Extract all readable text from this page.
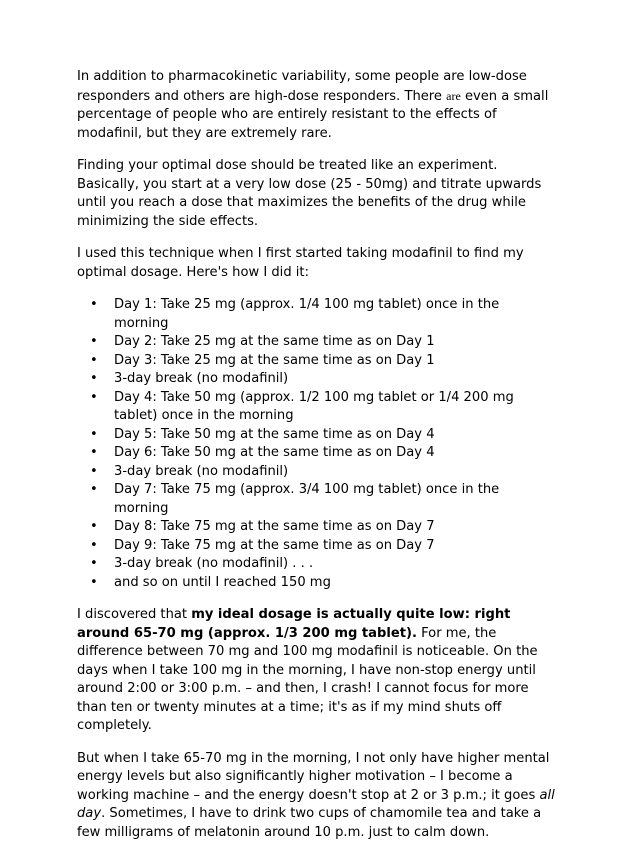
In addition to pharmacokinetic variability, some people are low-dose responders and others are high-dose responders. There are even a small percentage of people who are entirely resistant to the effects of modafinil, but they are extremely rare.

Finding your optimal dose should be treated like an experiment. Basically, you start at a very low dose (25 - 50mg) and titrate upwards until you reach a dose that maximizes the benefits of the drug while minimizing the side effects.

I used this technique when I first started taking modafinil to find my optimal dosage. Here's how I did it:

• Day 1: Take 25 mg (approx. 1/4 100 mg tablet) once in the morning
• Day 2: Take 25 mg at the same time as on Day 1
• Day 3: Take 25 mg at the same time as on Day 1
• 3-day break (no modafinil)
• Day 4: Take 50 mg (approx. 1/2 100 mg tablet or 1/4 200 mg tablet) once in the morning
• Day 5: Take 50 mg at the same time as on Day 4
• Day 6: Take 50 mg at the same time as on Day 4
• 3-day break (no modafinil)
• Day 7: Take 75 mg (approx. 3/4 100 mg tablet) once in the morning
• Day 8: Take 75 mg at the same time as on Day 7
• Day 9: Take 75 mg at the same time as on Day 7
• 3-day break (no modafinil) . . .
• and so on until I reached 150 mg

I discovered that my ideal dosage is actually quite low: right around 65-70 mg (approx. 1/3 200 mg tablet). For me, the difference between 70 mg and 100 mg modafinil is noticeable. On the days when I take 100 mg in the morning, I have non-stop energy until around 2:00 or 3:00 p.m. – and then, I crash! I cannot focus for more than ten or twenty minutes at a time; it's as if my mind shuts off completely.

But when I take 65-70 mg in the morning, I not only have higher mental energy levels but also significantly higher motivation – I become a working machine – and the energy doesn't stop at 2 or 3 p.m.; it goes all day. Sometimes, I have to drink two cups of chamomile tea and take a few milligrams of melatonin around 10 p.m. just to calm down.
